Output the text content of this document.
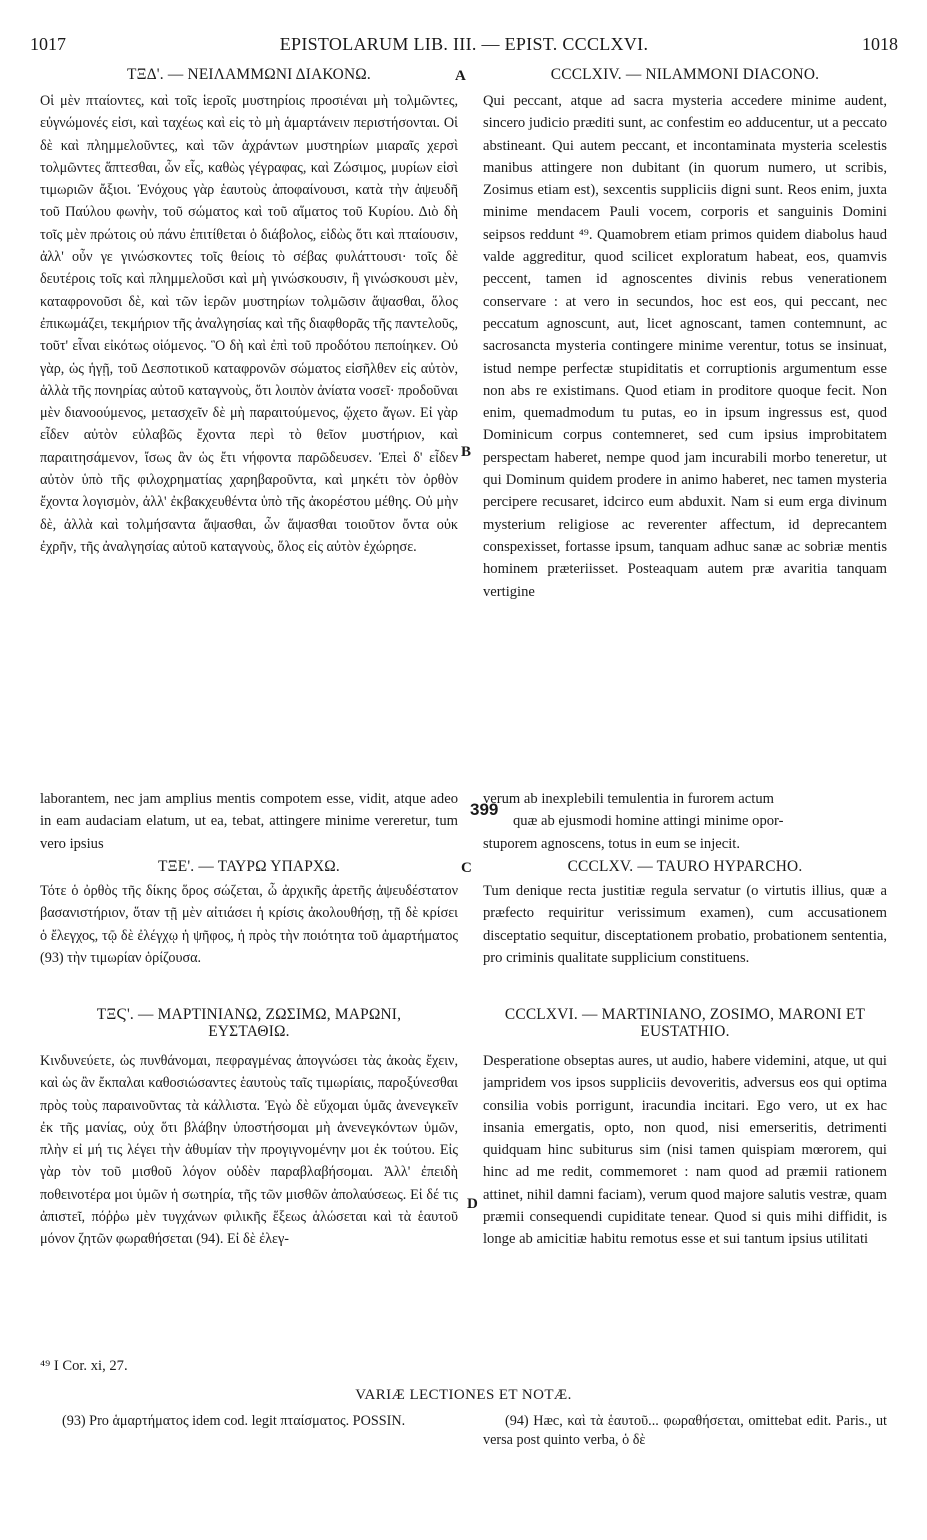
1017	EPISTOLARUM LIB. III. — EPIST. CCCLXVI.	1018
ΤΞΔ'. — ΝΕΙΛΑΜΜΩΝΙ ΔΙΑΚΟΝΩ.
Οἱ μὲν πταίοντες, καὶ τοῖς ἱεροῖς μυστηρίοις προσιέναι μὴ τολμῶντες, εὐγνώμονές εἰσι, καὶ ταχέως καὶ εἰς τὸ μὴ ἁμαρτάνειν περιστήσονται. Οἱ δὲ καὶ πλημμελοῦντες, καὶ τῶν ἀχράντων μυστηρίων μιαραῖς χερσὶ τολμῶντες ἅπτεσθαι, ὧν εἷς, καθὼς γέγραφας, καὶ Ζώσιμος, μυρίων εἰσὶ τιμωριῶν ἄξιοι. Ἐνόχους γὰρ ἑαυτοὺς ἀποφαίνουσι, κατὰ τὴν ἀψευδῆ τοῦ Παύλου φωνὴν, τοῦ σώματος καὶ τοῦ αἵματος τοῦ Κυρίου. Διὸ δὴ τοῖς μὲν πρώτοις οὐ πάνυ ἐπιτίθεται ὁ διάβολος, εἰδὼς ὅτι καὶ πταίουσιν, ἀλλ' οὖν γε γινώσκοντες τοῖς θείοις τὸ σέβας φυλάττουσι· τοῖς δὲ δευτέροις τοῖς καὶ πλημμελοῦσι καὶ μὴ γινώσκουσιν, ἢ γινώσκουσι μὲν, καταφρονοῦσι δὲ, καὶ τῶν ἱερῶν μυστηρίων τολμῶσιν ἅψασθαι, ὅλος ἐπικωμάζει, τεκμήριον τῆς ἀναλγησίας καὶ τῆς διαφθορᾶς τῆς παντελοῦς, τοῦτ' εἶναι εἰκότως οἰόμενος. Ὃ δὴ καὶ ἐπὶ τοῦ προδότου πεποίηκεν. Οὐ γὰρ, ὡς ἡγῇ, τοῦ Δεσποτικοῦ καταφρονῶν σώματος εἰσῆλθεν εἰς αὐτὸν, ἀλλὰ τῆς πονηρίας αὐτοῦ καταγνοὺς, ὅτι λοιπὸν ἀνίατα νοσεῖ· προδοῦναι μὲν διανοούμενος, μετασχεῖν δὲ μὴ παραιτούμενος, ᾤχετο ἄγων. Εἰ γὰρ εἶδεν αὐτὸν εὐλαβῶς ἔχοντα περὶ τὸ θεῖον μυστήριον, καὶ παραιτησάμενον, ἴσως ἂν ὡς ἔτι νήφοντα παρῶδευσεν. Ἐπεὶ δ' εἶδεν αὐτὸν ὑπὸ τῆς φιλοχρηματίας χαρηβαροῦντα, καὶ μηκέτι τὸν ὀρθὸν ἔχοντα λογισμὸν, ἀλλ' ἐκβακχευθέντα ὑπὸ τῆς ἀκορέστου μέθης. Οὐ μὴν δὲ, ἀλλὰ καὶ τολμήσαντα ἅψασθαι, ὧν ἅψασθαι τοιοῦτον ὄντα οὐκ ἐχρῆν, τῆς ἀναλγησίας αὐτοῦ καταγνοὺς, ὅλος εἰς αὐτὸν ἐχώρησε.
laborantem, nec jam amplius mentis compotem esse, vidit, atque adeo in eam audaciam elatum, ut ea, tebat, attingere minime vereretur, tum vero ipsius
ΤΞΕ'. — ΤΑΥΡΩ ΥΠΑΡΧΩ.
Τότε ὁ ὀρθὸς τῆς δίκης ὅρος σώζεται, ὦ ἀρχικῆς ἀρετῆς ἀψευδέστατον βασανιστήριον, ὅταν τῇ μὲν αἰτιάσει ἡ κρίσις ἀκολουθήσῃ, τῇ δὲ κρίσει ὁ ἔλεγχος, τῷ δὲ ἐλέγχῳ ἡ ψῆφος, ἡ πρὸς τὴν ποιότητα τοῦ ἁμαρτήματος (93) τὴν τιμωρίαν ὁρίζουσα.
ΤΞϚ'. — ΜΑΡΤΙΝΙΑΝΩ, ΖΩΣΙΜΩ, ΜΑΡΩΝΙ, ΕΥΣΤΑΘΙΩ.
Κινδυνεύετε, ὡς πυνθάνομαι, πεφραγμένας ἀπογνώσει τὰς ἀκοὰς ἔχειν, καὶ ὡς ἂν ἔκπαλαι καθοσιώσαντες ἑαυτοὺς ταῖς τιμωρίαις, παροξύνεσθαι πρὸς τοὺς παραινοῦντας τὰ κάλλιστα. Ἐγὼ δὲ εὔχομαι ὑμᾶς ἀνενεγκεῖν ἐκ τῆς μανίας, οὐχ ὅτι βλάβην ὑποστήσομαι μὴ ἀνενεγκόντων ὑμῶν, πλὴν εἰ μή τις λέγει τὴν ἀθυμίαν τὴν προγιγνομένην μοι ἐκ τούτου. Εἰς γὰρ τὸν τοῦ μισθοῦ λόγον οὐδὲν παραβλαβήσομαι. Ἀλλ' ἐπειδὴ ποθεινοτέρα μοι ὑμῶν ἡ σωτηρία, τῆς τῶν μισθῶν ἀπολαύσεως. Εἰ δέ τις ἀπιστεῖ, πόῤῥω μὲν τυγχάνων φιλικῆς ἕξεως ἁλώσεται καὶ τὰ ἑαυτοῦ μόνον ζητῶν φωραθήσεται (94). Εἰ δὲ ἐλεγ-
CCCLXIV. — NILAMMONI DIACONO.
Qui peccant, atque ad sacra mysteria accedere minime audent, sincero judicio præditi sunt, ac confestim eo adducentur, ut a peccato abstineant. Qui autem peccant, et incontaminata mysteria scelestis manibus attingere non dubitant (in quorum numero, ut scribis, Zosimus etiam est), sexcentis suppliciis digni sunt. Reos enim, juxta minime mendacem Pauli vocem, corporis et sanguinis Domini seipsos reddunt ⁴⁹. Quamobrem etiam primos quidem diabolus haud valde aggreditur, quod scilicet exploratum habeat, eos, quamvis peccent, tamen id agnoscentes divinis rebus venerationem conservare : at vero in secundos, hoc est eos, qui peccant, nec peccatum agnoscunt, aut, licet agnoscant, tamen contemnunt, ac sacrosancta mysteria contingere minime verentur, totus se insinuat, istud nempe perfectæ stupiditatis et corruptionis argumentum esse non abs re existimans. Quod etiam in proditore quoque fecit. Non enim, quemadmodum tu putas, eo in ipsum ingressus est, quod Dominicum corpus contemneret, sed cum ipsius improbitatem perspectam haberet, nempe quod jam incurabili morbo teneretur, ut qui Dominum quidem prodere in animo haberet, nec tamen mysteria percipere recusaret, idcirco eum abduxit. Nam si eum erga divinum mysterium religiose ac reverenter affectum, id deprecantem conspexisset, fortasse ipsum, tanquam adhuc sanæ ac sobriæ mentis hominem præteriisset. Posteaquam autem præ avaritia tanquam vertigine
verum ab inexplebili temulentia in furorem actum
quæ ab ejusmodi homine attingi minime opor-
stuporem agnoscens, totus in eum se injecit.
CCCLXV. — TAURO HYPARCHO.
Tum denique recta justitiæ regula servatur (o virtutis illius, quæ a præfecto requiritur verissimum examen), cum accusationem disceptatio sequitur, disceptationem probatio, probationem sententia, pro criminis qualitate supplicium constituens.
CCCLXVI. — MARTINIANO, ZOSIMO, MARONI ET EUSTATHIO.
Desperatione obseptas aures, ut audio, habere videmini, atque, ut qui jampridem vos ipsos suppliciis devoveritis, adversus eos qui optima consilia vobis porrigunt, iracundia incitari. Ego vero, ut ex hac insania emergatis, opto, non quod, nisi emerseritis, detrimenti quidquam hinc subiturus sim (nisi tamen quispiam mœrorem, qui hinc ad me redit, commemoret : nam quod ad præmii rationem attinet, nihil damni faciam), verum quod majore salutis vestræ, quam præmii consequendi cupiditate tenear. Quod si quis mihi diffidit, is longe ab amicitiæ habitu remotus esse et sui tantum ipsius utilitati
A
B
C
D
399
⁴⁹ I Cor. xi, 27.
VARIÆ LECTIONES ET NOTÆ.
(93) Pro ἁμαρτήματος idem cod. legit πταίσματος. POSSIN.	(94) Hæc, καὶ τὰ ἑαυτοῦ... φωραθήσεται, omittebat edit. Paris., ut versa post quinto verba, ὁ δὲ
